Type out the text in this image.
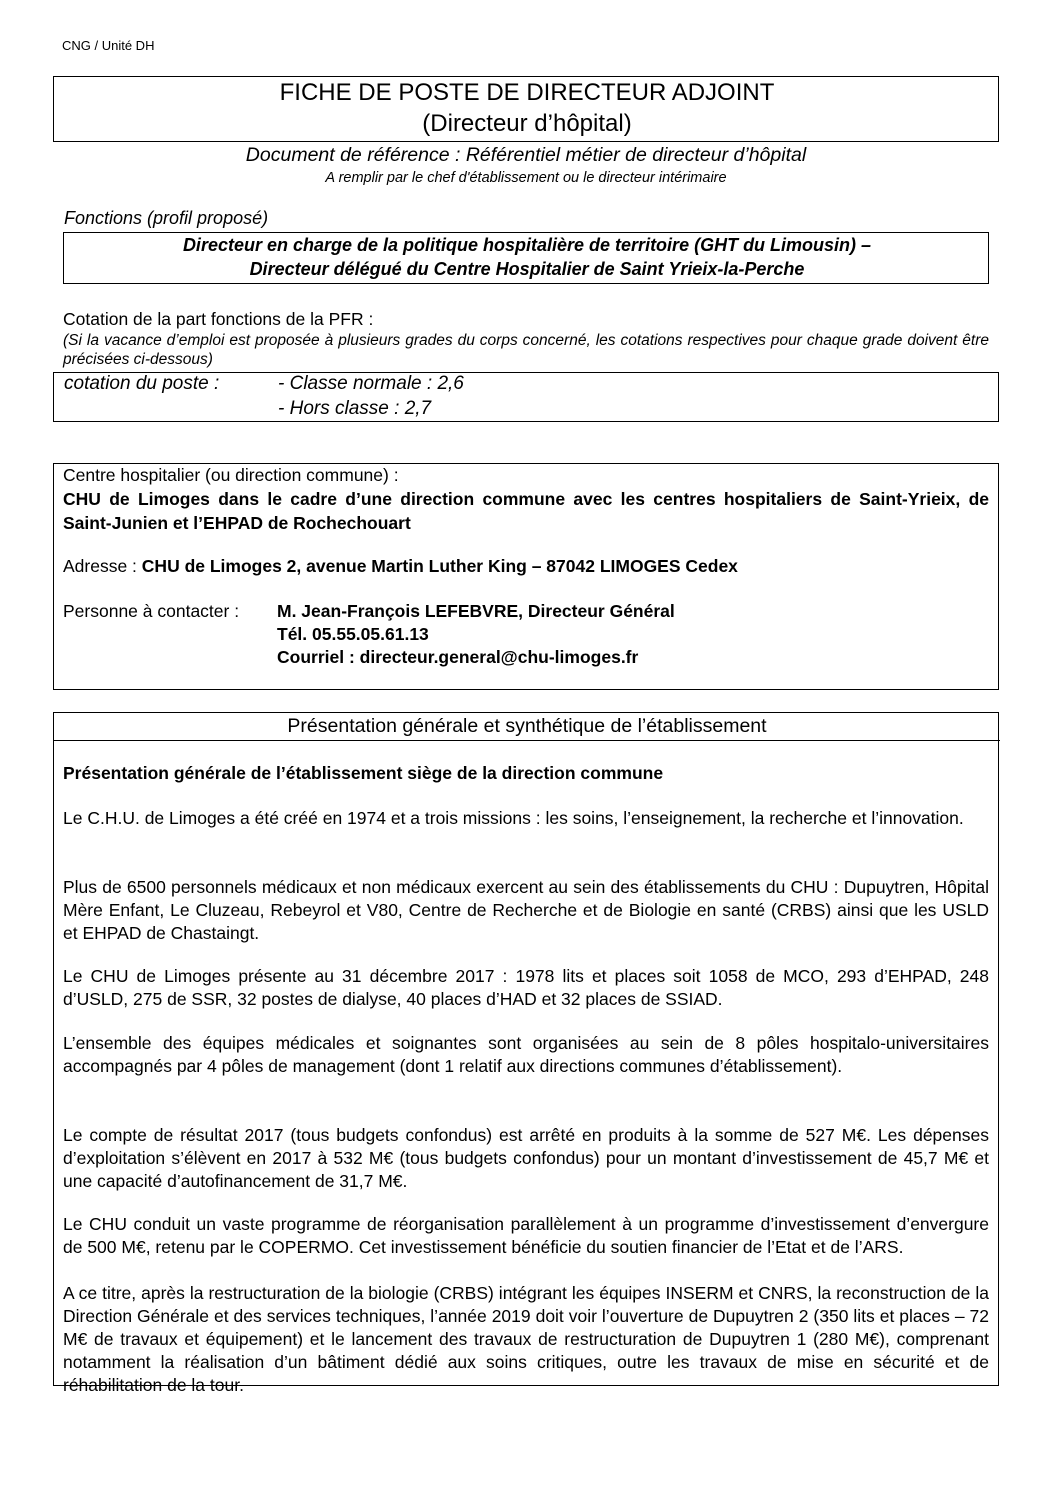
CNG / Unité DH
FICHE DE POSTE DE DIRECTEUR ADJOINT
(Directeur d’hôpital)
Document de référence : Référentiel métier de directeur d’hôpital
A remplir par le chef d'établissement ou le directeur intérimaire
Fonctions (profil proposé)
Directeur en charge de la politique hospitalière de territoire (GHT du Limousin) –
Directeur délégué du Centre Hospitalier de Saint Yrieix-la-Perche
Cotation de la part fonctions de la PFR :
(Si la vacance d’emploi est proposée à plusieurs grades du corps concerné, les cotations respectives pour chaque grade doivent être précisées ci-dessous)
cotation du poste :	- Classe normale : 2,6
- Hors classe : 2,7
Centre hospitalier (ou direction commune) :
CHU de Limoges dans le cadre d’une direction commune avec les centres hospitaliers de Saint-Yrieix, de Saint-Junien et l’EHPAD de Rochechouart
Adresse : CHU de Limoges 2, avenue Martin Luther King – 87042 LIMOGES Cedex
Personne à contacter : M. Jean-François LEFEBVRE, Directeur Général
Tél. 05.55.05.61.13
Courriel : directeur.general@chu-limoges.fr
Présentation générale et synthétique de l’établissement
Présentation générale de l’établissement siège de la direction commune
Le C.H.U. de Limoges a été créé en 1974 et a trois missions : les soins, l’enseignement, la recherche et l’innovation.
Plus de 6500 personnels médicaux et non médicaux exercent au sein des établissements du CHU : Dupuytren, Hôpital Mère Enfant, Le Cluzeau, Rebeyrol et V80, Centre de Recherche et de Biologie en santé (CRBS) ainsi que les USLD et EHPAD de Chastaingt.
Le CHU de Limoges présente au 31 décembre 2017 : 1978 lits et places soit 1058 de MCO, 293 d’EHPAD, 248 d’USLD, 275 de SSR, 32 postes de dialyse, 40 places d’HAD et 32 places de SSIAD.
L’ensemble des équipes médicales et soignantes sont organisées au sein de 8 pôles hospitalo-universitaires accompagnés par 4 pôles de management (dont 1 relatif aux directions communes d’établissement).
Le compte de résultat 2017 (tous budgets confondus) est arrêté en produits à la somme de 527 M€. Les dépenses d’exploitation s’élèvent en 2017 à 532 M€ (tous budgets confondus) pour un montant d’investissement de 45,7 M€ et une capacité d’autofinancement de 31,7 M€.
Le CHU conduit un vaste programme de réorganisation parallèlement à un programme d’investissement d’envergure de 500 M€, retenu par le COPERMO. Cet investissement bénéficie du soutien financier de l’Etat et de l’ARS.
A ce titre, après la restructuration de la biologie (CRBS) intégrant les équipes INSERM et CNRS, la reconstruction de la Direction Générale et des services techniques, l’année 2019 doit voir l’ouverture de Dupuytren 2 (350 lits et places – 72 M€ de travaux et équipement) et le lancement des travaux de restructuration de Dupuytren 1 (280 M€), comprenant notamment la réalisation d’un bâtiment dédié aux soins critiques, outre les travaux de mise en sécurité et de réhabilitation de la tour.
